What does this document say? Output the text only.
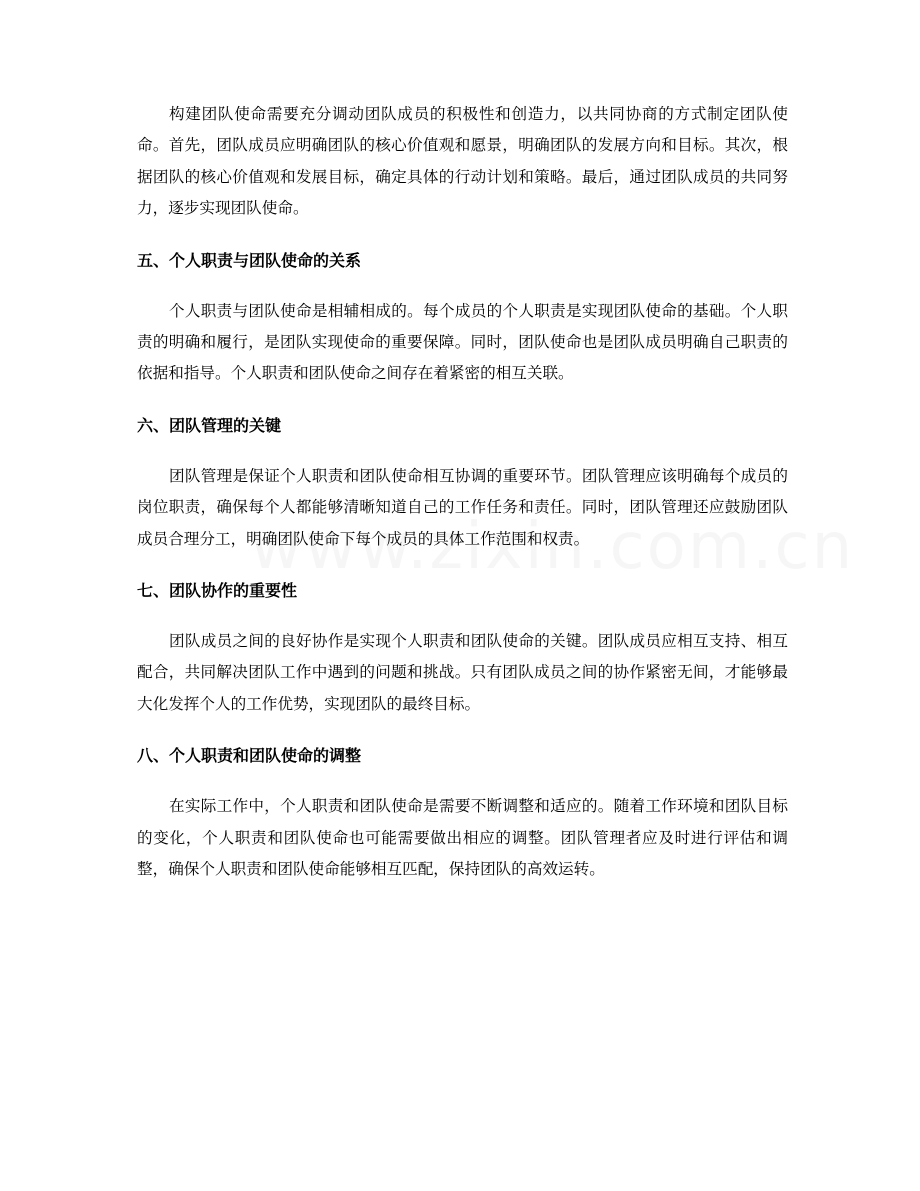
构建团队使命需要充分调动团队成员的积极性和创造力，以共同协商的方式制定团队使命。首先，团队成员应明确团队的核心价值观和愿景，明确团队的发展方向和目标。其次，根据团队的核心价值观和发展目标，确定具体的行动计划和策略。最后，通过团队成员的共同努力，逐步实现团队使命。

五、个人职责与团队使命的关系

个人职责与团队使命是相辅相成的。每个成员的个人职责是实现团队使命的基础。个人职责的明确和履行，是团队实现使命的重要保障。同时，团队使命也是团队成员明确自己职责的依据和指导。个人职责和团队使命之间存在着紧密的相互关联。

六、团队管理的关键

团队管理是保证个人职责和团队使命相互协调的重要环节。团队管理应该明确每个成员的岗位职责，确保每个人都能够清晰知道自己的工作任务和责任。同时，团队管理还应鼓励团队成员合理分工，明确团队使命下每个成员的具体工作范围和权责。

七、团队协作的重要性

团队成员之间的良好协作是实现个人职责和团队使命的关键。团队成员应相互支持、相互配合，共同解决团队工作中遇到的问题和挑战。只有团队成员之间的协作紧密无间，才能够最大化发挥个人的工作优势，实现团队的最终目标。

八、个人职责和团队使命的调整

在实际工作中，个人职责和团队使命是需要不断调整和适应的。随着工作环境和团队目标的变化，个人职责和团队使命也可能需要做出相应的调整。团队管理者应及时进行评估和调整，确保个人职责和团队使命能够相互匹配，保持团队的高效运转。
